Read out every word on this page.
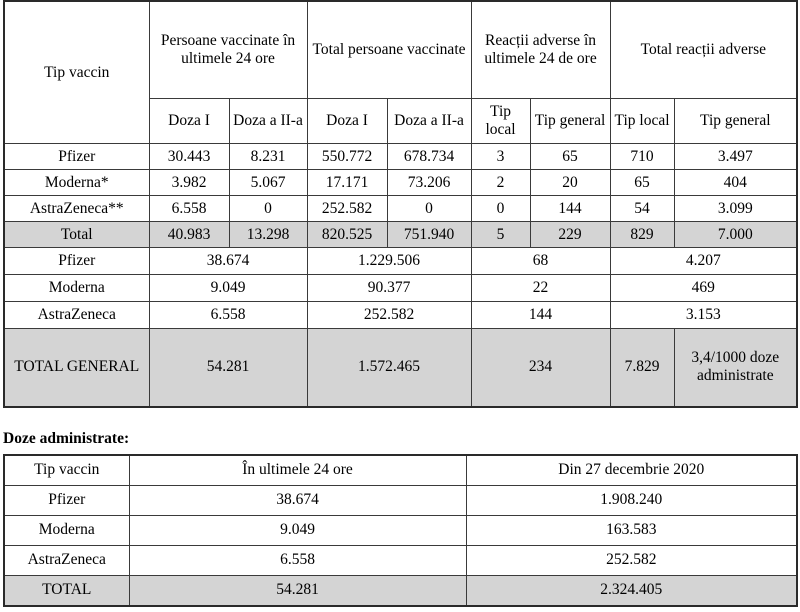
Tip vaccin	Persoane vaccinate în ultimele 24 ore		Total persoane vaccinate		Reacții adverse în ultimele 24 de ore		Total reacții adverse	
	Doza I	Doza a II-a	Doza I	Doza a II-a	Tip local	Tip general	Tip local	Tip general
Pfizer	30.443	8.231	550.772	678.734	3	65	710	3.497
Moderna*	3.982	5.067	17.171	73.206	2	20	65	404
AstraZeneca**	6.558	0	252.582	0	0	144	54	3.099
Total	40.983	13.298	820.525	751.940	5	229	829	7.000
Pfizer	38.674		1.229.506		68		4.207	
Moderna	9.049		90.377		22		469	
AstraZeneca	6.558		252.582		144		3.153	
TOTAL GENERAL	54.281		1.572.465		234		7.829	3,4/1000 doze administrate
Doze administrate:
Tip vaccin	În ultimele 24 ore	Din 27 decembrie 2020
Pfizer	38.674	1.908.240
Moderna	9.049	163.583
AstraZeneca	6.558	252.582
TOTAL	54.281	2.324.405
